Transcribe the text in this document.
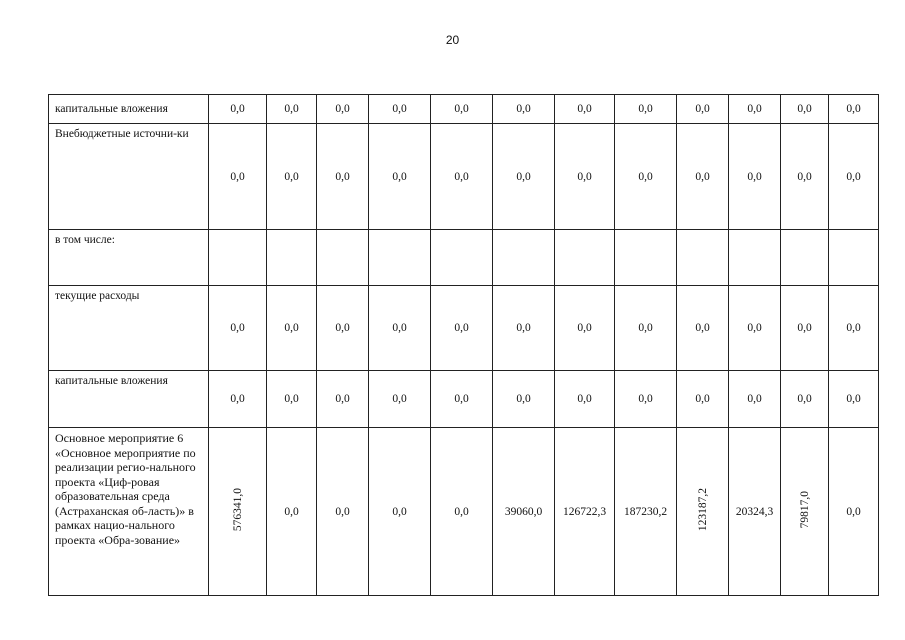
20
капитальные вложения	0,0	0,0	0,0	0,0	0,0	0,0	0,0	0,0	0,0	0,0	0,0	0,0
Внебюджетные источни-ки	0,0	0,0	0,0	0,0	0,0	0,0	0,0	0,0	0,0	0,0	0,0	0,0
в том числе:												
текущие расходы	0,0	0,0	0,0	0,0	0,0	0,0	0,0	0,0	0,0	0,0	0,0	0,0
капитальные вложения	0,0	0,0	0,0	0,0	0,0	0,0	0,0	0,0	0,0	0,0	0,0	0,0
Основное мероприятие 6 «Основное мероприятие по реализации регио-нального проекта «Циф-ровая образовательная среда (Астраханская об-ласть)» в рамках нацио-нального проекта «Обра-зование»	576341,0	0,0	0,0	0,0	0,0	39060,0	126722,3	187230,2	123187,2	20324,3	79817,0	0,0
